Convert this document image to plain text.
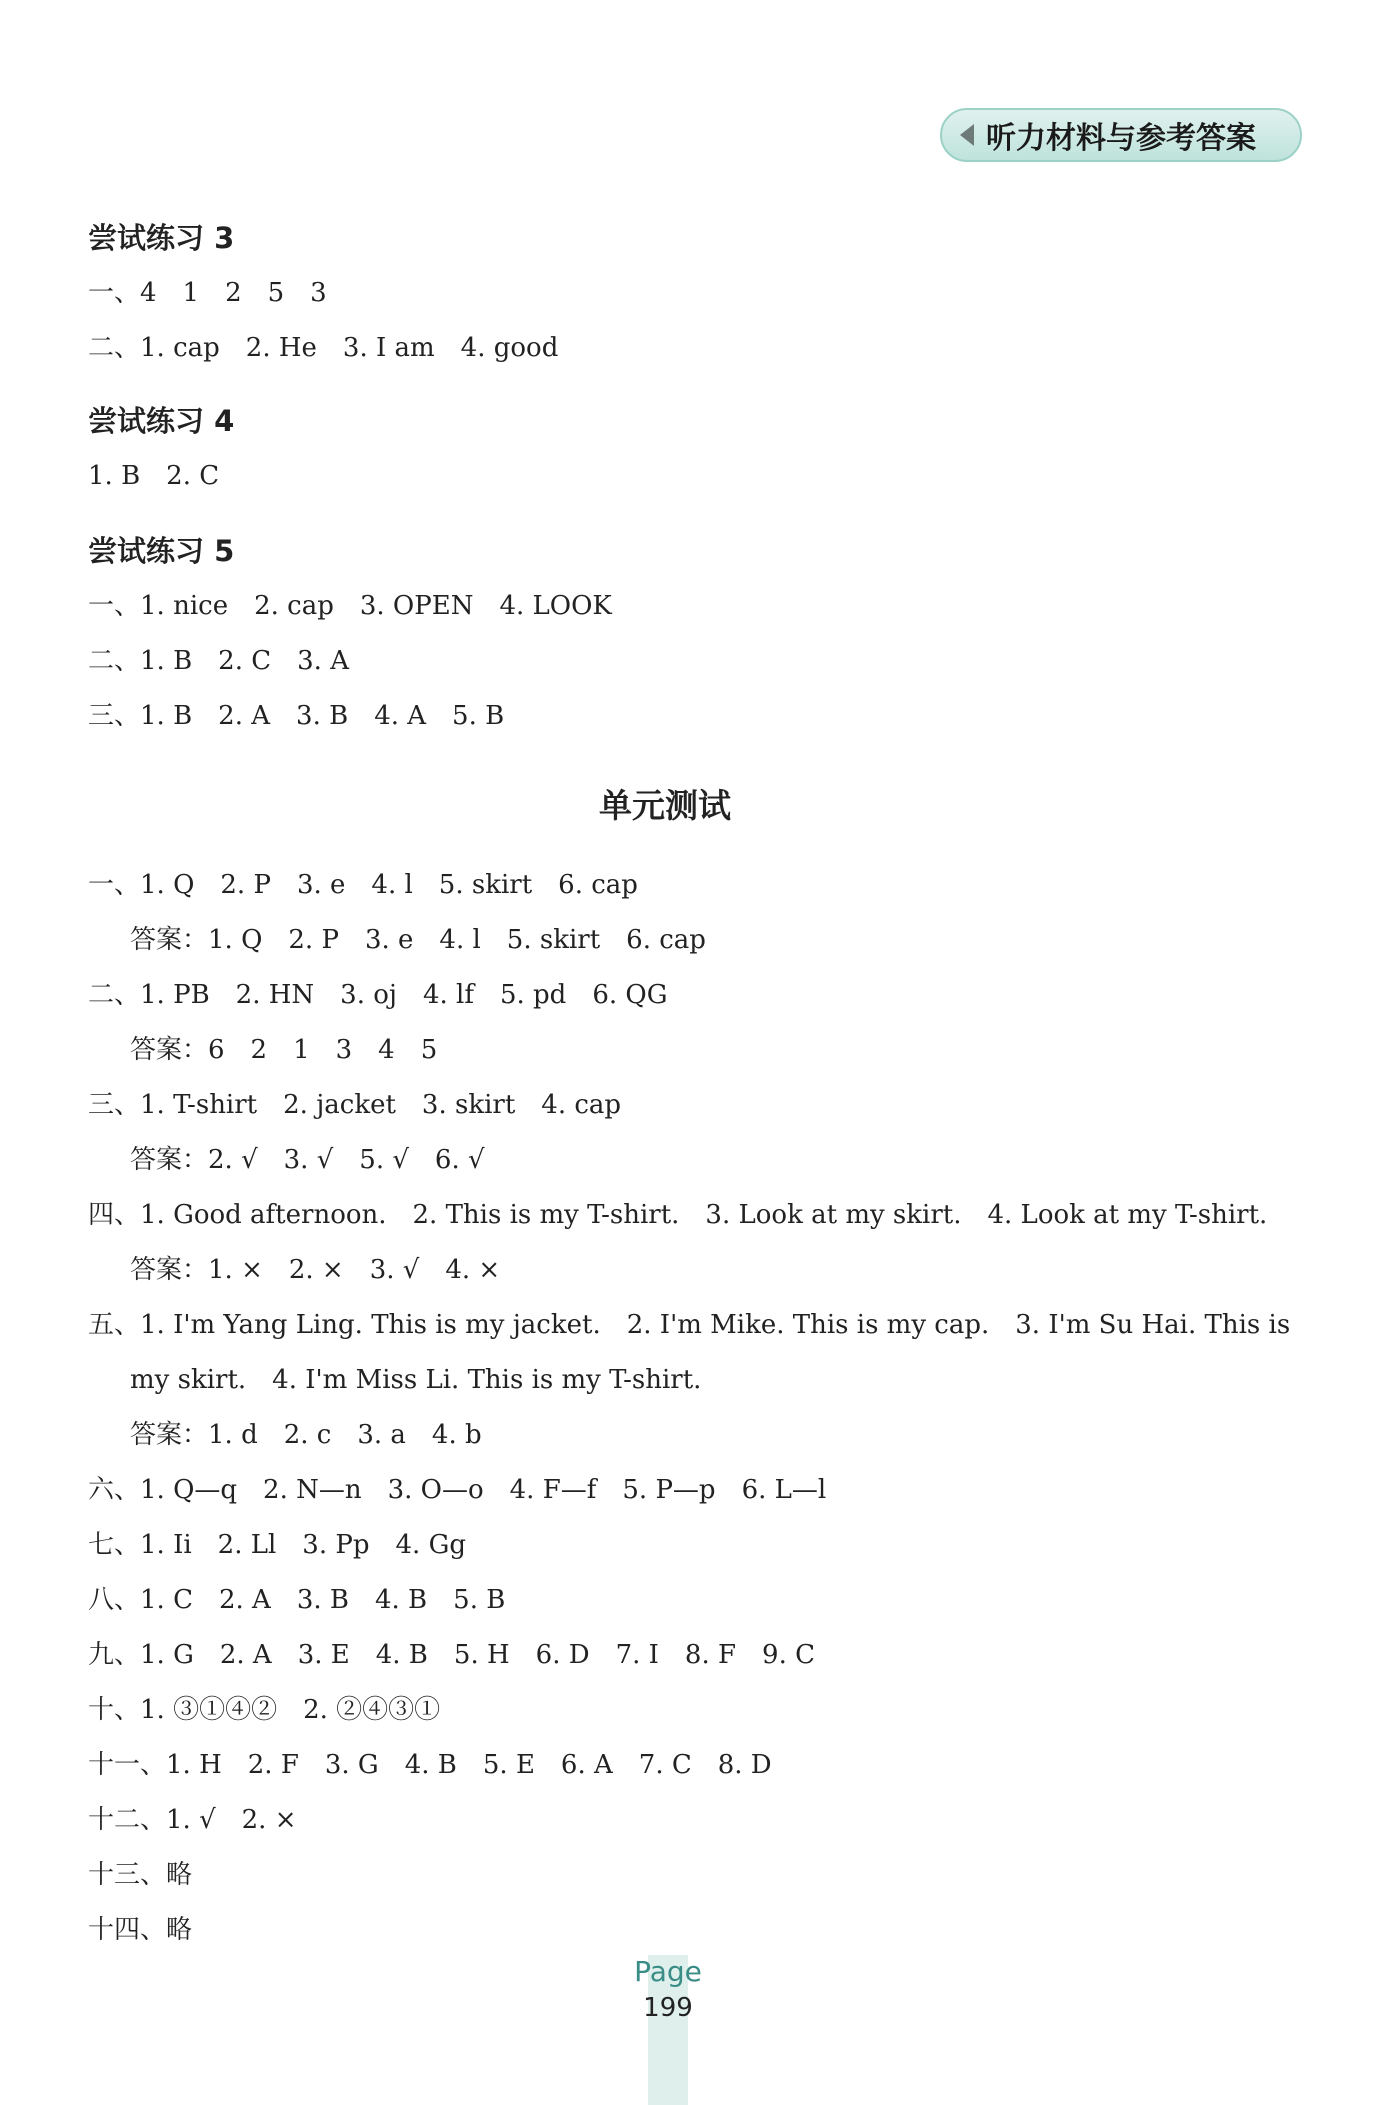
听力材料与参考答案
尝试练习 3
一、4　1　2　5　3
二、1. cap　2. He　3. I am　4. good
尝试练习 4
1. B　2. C
尝试练习 5
一、1. nice　2. cap　3. OPEN　4. LOOK
二、1. B　2. C　3. A
三、1. B　2. A　3. B　4. A　5. B
单元测试
一、1. Q　2. P　3. e　4. l　5. skirt　6. cap
答案：1. Q　2. P　3. e　4. l　5. skirt　6. cap
二、1. PB　2. HN　3. oj　4. lf　5. pd　6. QG
答案：6　2　1　3　4　5
三、1. T-shirt　2. jacket　3. skirt　4. cap
答案：2. √　3. √　5. √　6. √
四、1. Good afternoon.　2. This is my T-shirt.　3. Look at my skirt.　4. Look at my T-shirt.
答案：1. ×　2. ×　3. √　4. ×
五、1. I'm Yang Ling. This is my jacket.　2. I'm Mike. This is my cap.　3. I'm Su Hai. This is
my skirt.　4. I'm Miss Li. This is my T-shirt.
答案：1. d　2. c　3. a　4. b
六、1. Q—q　2. N—n　3. O—o　4. F—f　5. P—p　6. L—l
七、1. Ii　2. Ll　3. Pp　4. Gg
八、1. C　2. A　3. B　4. B　5. B
九、1. G　2. A　3. E　4. B　5. H　6. D　7. I　8. F　9. C
十、1. ③①④②　2. ②④③①
十一、1. H　2. F　3. G　4. B　5. E　6. A　7. C　8. D
十二、1. √　2. ×
十三、略
十四、略
Page
199
